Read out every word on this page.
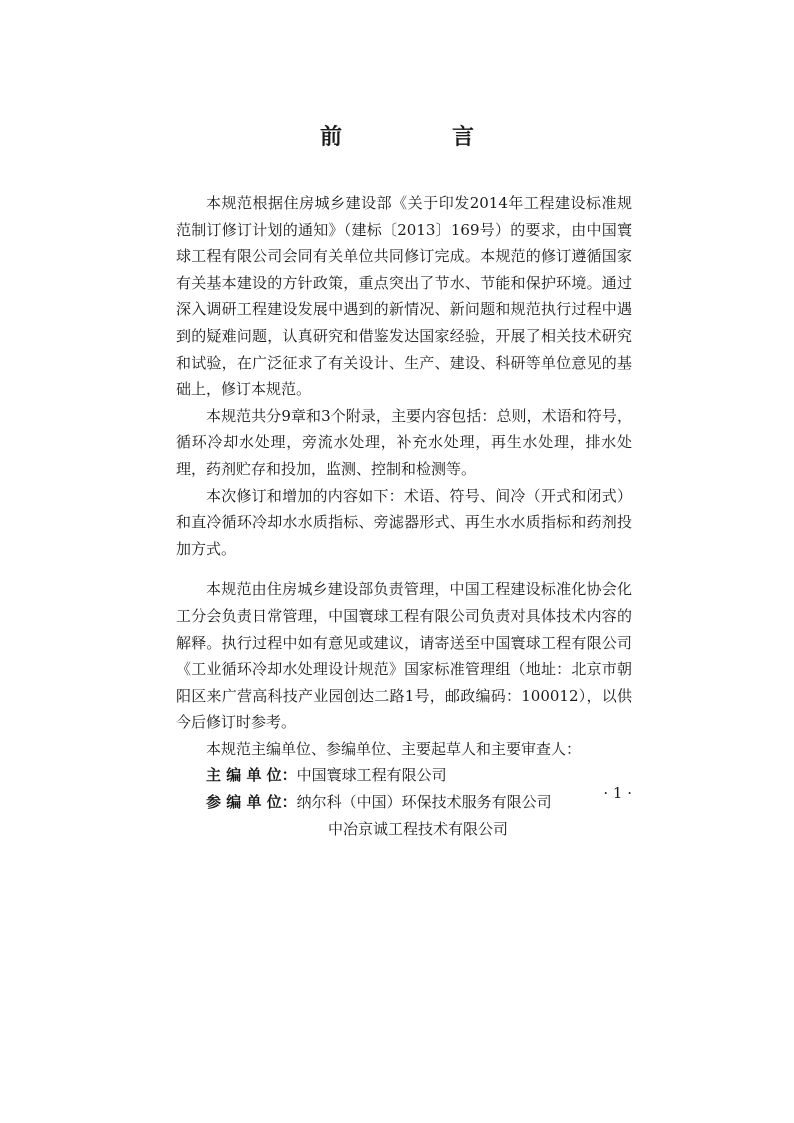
前　言

本规范根据住房城乡建设部《关于印发2014年工程建设标准规范制订修订计划的通知》（建标〔2013〕169号）的要求，由中国寰球工程有限公司会同有关单位共同修订完成。本规范的修订遵循国家有关基本建设的方针政策，重点突出了节水、节能和保护环境。通过深入调研工程建设发展中遇到的新情况、新问题和规范执行过程中遇到的疑难问题，认真研究和借鉴发达国家经验，开展了相关技术研究和试验，在广泛征求了有关设计、生产、建设、科研等单位意见的基础上，修订本规范。

本规范共分9章和3个附录，主要内容包括：总则，术语和符号，循环冷却水处理，旁流水处理，补充水处理，再生水处理，排水处理，药剂贮存和投加，监测、控制和检测等。

本次修订和增加的内容如下：术语、符号、间冷（开式和闭式）和直冷循环冷却水水质指标、旁滤器形式、再生水水质指标和药剂投加方式。

本规范由住房城乡建设部负责管理，中国工程建设标准化协会化工分会负责日常管理，中国寰球工程有限公司负责对具体技术内容的解释。执行过程中如有意见或建议，请寄送至中国寰球工程有限公司《工业循环冷却水处理设计规范》国家标准管理组（地址：北京市朝阳区来广营高科技产业园创达二路1号，邮政编码：100012），以供今后修订时参考。

本规范主编单位、参编单位、主要起草人和主要审查人：

主 编 单 位：中国寰球工程有限公司

参 编 单 位：纳尔科（中国）环保技术服务有限公司

中冶京诚工程技术有限公司

· 1 ·
